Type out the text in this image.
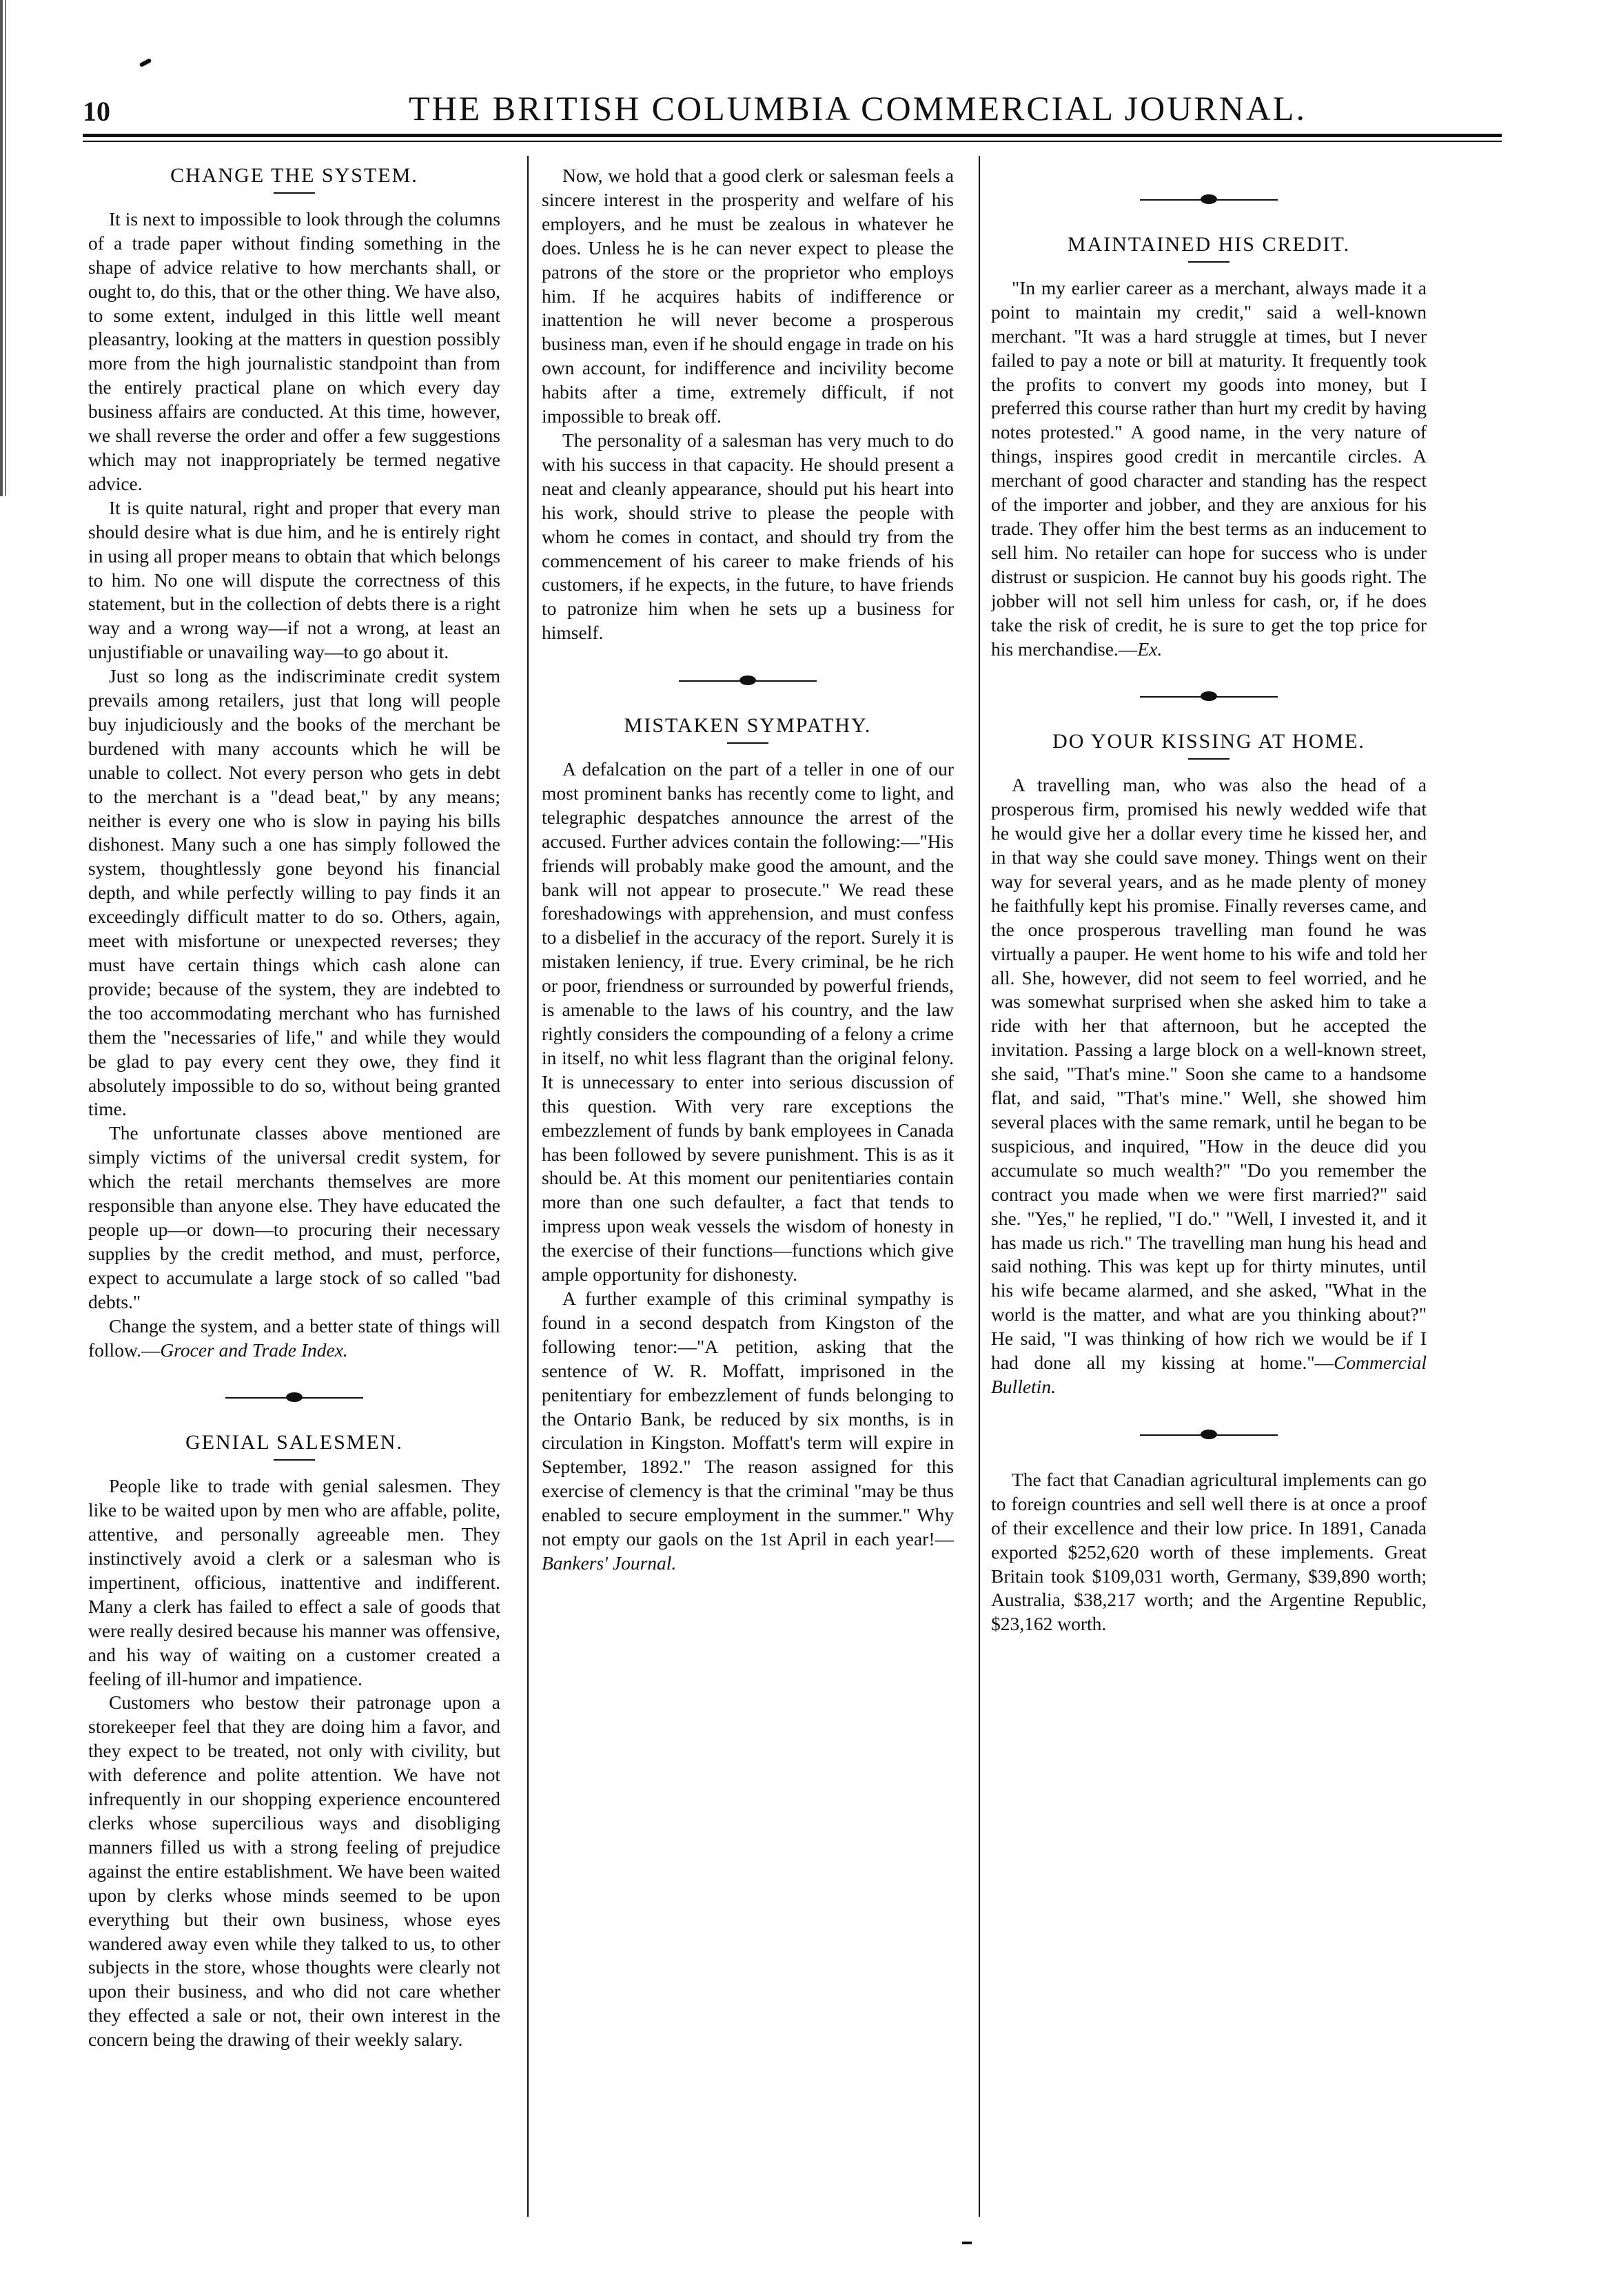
10	THE BRITISH COLUMBIA COMMERCIAL JOURNAL.
CHANGE THE SYSTEM.

It is next to impossible to look through the columns of a trade paper without finding something in the shape of advice relative to how merchants shall, or ought to, do this, that or the other thing. We have also, to some extent, indulged in this little well meant pleasantry, looking at the matters in question possibly more from the high journalistic standpoint than from the entirely practical plane on which every day business affairs are conducted. At this time, however, we shall reverse the order and offer a few suggestions which may not inappropriately be termed negative advice.

It is quite natural, right and proper that every man should desire what is due him, and he is entirely right in using all proper means to obtain that which belongs to him. No one will dispute the correctness of this statement, but in the collection of debts there is a right way and a wrong way—if not a wrong, at least an unjustifiable or unavailing way—to go about it.

Just so long as the indiscriminate credit system prevails among retailers, just that long will people buy injudiciously and the books of the merchant be burdened with many accounts which he will be unable to collect. Not every person who gets in debt to the merchant is a "dead beat," by any means; neither is every one who is slow in paying his bills dishonest. Many such a one has simply followed the system, thoughtlessly gone beyond his financial depth, and while perfectly willing to pay finds it an exceedingly difficult matter to do so. Others, again, meet with misfortune or unexpected reverses; they must have certain things which cash alone can provide; because of the system, they are indebted to the too accommodating merchant who has furnished them the "necessaries of life," and while they would be glad to pay every cent they owe, they find it absolutely impossible to do so, without being granted time.

The unfortunate classes above mentioned are simply victims of the universal credit system, for which the retail merchants themselves are more responsible than anyone else. They have educated the people up—or down—to procuring their necessary supplies by the credit method, and must, perforce, expect to accumulate a large stock of so called "bad debts."

Change the system, and a better state of things will follow.—Grocer and Trade Index.

GENIAL SALESMEN.

People like to trade with genial salesmen. They like to be waited upon by men who are affable, polite, attentive, and personally agreeable men. They instinctively avoid a clerk or a salesman who is impertinent, officious, inattentive and indifferent. Many a clerk has failed to effect a sale of goods that were really desired because his manner was offensive, and his way of waiting on a customer created a feeling of ill-humor and impatience.

Customers who bestow their patronage upon a storekeeper feel that they are doing him a favor, and they expect to be treated, not only with civility, but with deference and polite attention. We have not infrequently in our shopping experience encountered clerks whose supercilious ways and disobliging manners filled us with a strong feeling of prejudice against the entire establishment. We have been waited upon by clerks whose minds seemed to be upon everything but their own business, whose eyes wandered away even while they talked to us, to other subjects in the store, whose thoughts were clearly not upon their business, and who did not care whether they effected a sale or not, their own interest in the concern being the drawing of their weekly salary.

Now, we hold that a good clerk or salesman feels a sincere interest in the prosperity and welfare of his employers, and he must be zealous in whatever he does. Unless he is he can never expect to please the patrons of the store or the proprietor who employs him. If he acquires habits of indifference or inattention he will never become a prosperous business man, even if he should engage in trade on his own account, for indifference and incivility become habits after a time, extremely difficult, if not impossible to break off.

The personality of a salesman has very much to do with his success in that capacity. He should present a neat and cleanly appearance, should put his heart into his work, should strive to please the people with whom he comes in contact, and should try from the commencement of his career to make friends of his customers, if he expects, in the future, to have friends to patronize him when he sets up a business for himself.

MISTAKEN SYMPATHY.

A defalcation on the part of a teller in one of our most prominent banks has recently come to light, and telegraphic despatches announce the arrest of the accused. Further advices contain the following:—"His friends will probably make good the amount, and the bank will not appear to prosecute." We read these foreshadowings with apprehension, and must confess to a disbelief in the accuracy of the report. Surely it is mistaken leniency, if true. Every criminal, be he rich or poor, friendness or surrounded by powerful friends, is amenable to the laws of his country, and the law rightly considers the compounding of a felony a crime in itself, no whit less flagrant than the original felony. It is unnecessary to enter into serious discussion of this question. With very rare exceptions the embezzlement of funds by bank employees in Canada has been followed by severe punishment. This is as it should be. At this moment our penitentiaries contain more than one such defaulter, a fact that tends to impress upon weak vessels the wisdom of honesty in the exercise of their functions—functions which give ample opportunity for dishonesty.

A further example of this criminal sympathy is found in a second despatch from Kingston of the following tenor:—"A petition, asking that the sentence of W. R. Moffatt, imprisoned in the penitentiary for embezzlement of funds belonging to the Ontario Bank, be reduced by six months, is in circulation in Kingston. Moffatt's term will expire in September, 1892." The reason assigned for this exercise of clemency is that the criminal "may be thus enabled to secure employment in the summer." Why not empty our gaols on the 1st April in each year!—Bankers' Journal.

MAINTAINED HIS CREDIT.

"In my earlier career as a merchant, always made it a point to maintain my credit," said a well-known merchant. "It was a hard struggle at times, but I never failed to pay a note or bill at maturity. It frequently took the profits to convert my goods into money, but I preferred this course rather than hurt my credit by having notes protested." A good name, in the very nature of things, inspires good credit in mercantile circles. A merchant of good character and standing has the respect of the importer and jobber, and they are anxious for his trade. They offer him the best terms as an inducement to sell him. No retailer can hope for success who is under distrust or suspicion. He cannot buy his goods right. The jobber will not sell him unless for cash, or, if he does take the risk of credit, he is sure to get the top price for his merchandise.—Ex.

DO YOUR KISSING AT HOME.

A travelling man, who was also the head of a prosperous firm, promised his newly wedded wife that he would give her a dollar every time he kissed her, and in that way she could save money. Things went on their way for several years, and as he made plenty of money he faithfully kept his promise. Finally reverses came, and the once prosperous travelling man found he was virtually a pauper. He went home to his wife and told her all. She, however, did not seem to feel worried, and he was somewhat surprised when she asked him to take a ride with her that afternoon, but he accepted the invitation. Passing a large block on a well-known street, she said, "That's mine." Soon she came to a handsome flat, and said, "That's mine." Well, she showed him several places with the same remark, until he began to be suspicious, and inquired, "How in the deuce did you accumulate so much wealth?" "Do you remember the contract you made when we were first married?" said she. "Yes," he replied, "I do." "Well, I invested it, and it has made us rich." The travelling man hung his head and said nothing. This was kept up for thirty minutes, until his wife became alarmed, and she asked, "What in the world is the matter, and what are you thinking about?" He said, "I was thinking of how rich we would be if I had done all my kissing at home."—Commercial Bulletin.

The fact that Canadian agricultural implements can go to foreign countries and sell well there is at once a proof of their excellence and their low price. In 1891, Canada exported $252,620 worth of these implements. Great Britain took $109,031 worth, Germany, $39,890 worth; Australia, $38,217 worth; and the Argentine Republic, $23,162 worth.
